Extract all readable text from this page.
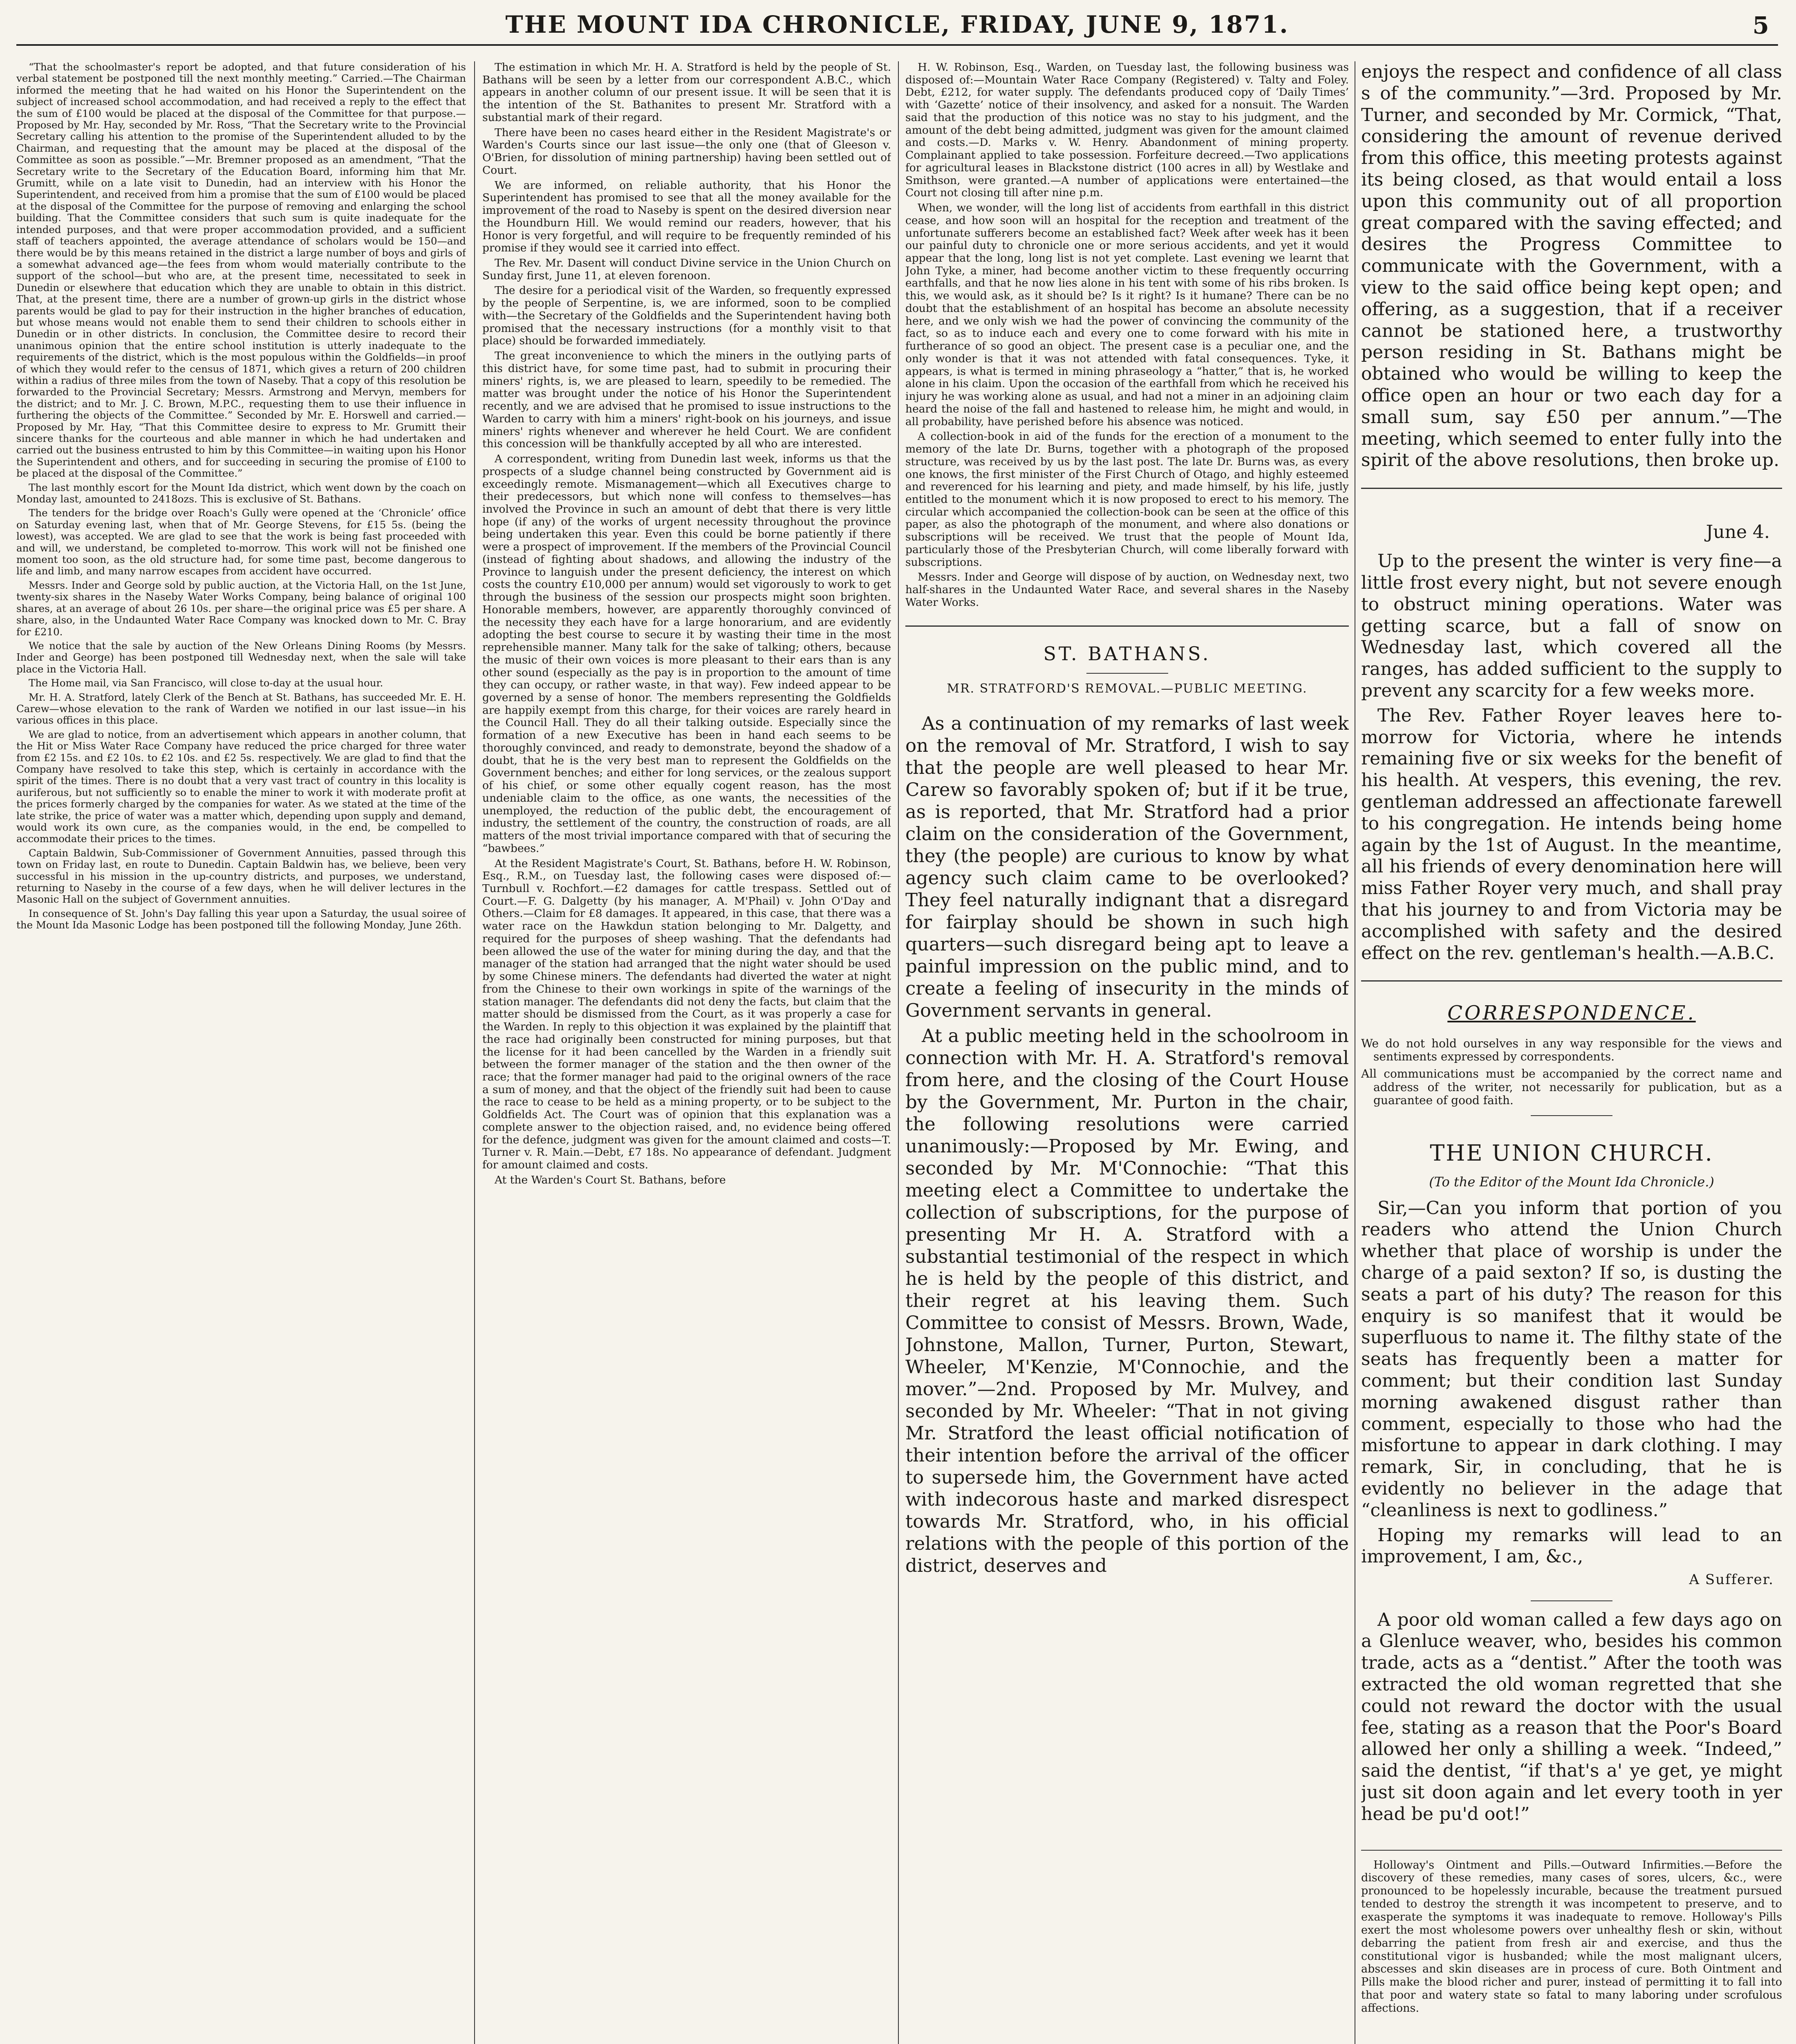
THE MOUNT IDA CHRONICLE, FRIDAY, JUNE 9, 1871.	5

“That the schoolmaster's report be adopted, and that future consideration of his verbal statement be postponed till the next monthly meeting.” Carried.—The Chairman informed the meeting that he had waited on his Honor the Superintendent on the subject of increased school accommodation, and had received a reply to the effect that the sum of £100 would be placed at the disposal of the Committee for that purpose.—Proposed by Mr. Hay, seconded by Mr. Ross, “That the Secretary write to the Provincial Secretary calling his attention to the promise of the Superintendent alluded to by the Chairman, and requesting that the amount may be placed at the disposal of the Committee as soon as possible.”—Mr. Bremner proposed as an amendment, “That the Secretary write to the Secretary of the Education Board, informing him that Mr. Grumitt, while on a late visit to Dunedin, had an interview with his Honor the Superintendent, and received from him a promise that the sum of £100 would be placed at the disposal of the Committee for the purpose of removing and enlarging the school building. That the Committee considers that such sum is quite inadequate for the intended purposes, and that were proper accommodation provided, and a sufficient staff of teachers appointed, the average attendance of scholars would be 150—and there would be by this means retained in the district a large number of boys and girls of a somewhat advanced age—the fees from whom would materially contribute to the support of the school—but who are, at the present time, necessitated to seek in Dunedin or elsewhere that education which they are unable to obtain in this district. That, at the present time, there are a number of grown-up girls in the district whose parents would be glad to pay for their instruction in the higher branches of education, but whose means would not enable them to send their children to schools either in Dunedin or in other districts. In conclusion, the Committee desire to record their unanimous opinion that the entire school institution is utterly inadequate to the requirements of the district, which is the most populous within the Goldfields—in proof of which they would refer to the census of 1871, which gives a return of 200 children within a radius of three miles from the town of Naseby. That a copy of this resolution be forwarded to the Provincial Secretary; Messrs. Armstrong and Mervyn, members for the district; and to Mr. J. C. Brown, M.P.C., requesting them to use their influence in furthering the objects of the Committee.” Seconded by Mr. E. Horswell and carried.—Proposed by Mr. Hay, “That this Committee desire to express to Mr. Grumitt their sincere thanks for the courteous and able manner in which he had undertaken and carried out the business entrusted to him by this Committee—in waiting upon his Honor the Superintendent and others, and for succeeding in securing the promise of £100 to be placed at the disposal of the Committee.”

The last monthly escort for the Mount Ida district, which went down by the coach on Monday last, amounted to 2418ozs. This is exclusive of St. Bathans.

The tenders for the bridge over Roach's Gully were opened at the ‘Chronicle’ office on Saturday evening last, when that of Mr. George Stevens, for £15 5s. (being the lowest), was accepted. We are glad to see that the work is being fast proceeded with and will, we understand, be completed to-morrow. This work will not be finished one moment too soon, as the old structure had, for some time past, become dangerous to life and limb, and many narrow escapes from accident have occurred.

Messrs. Inder and George sold by public auction, at the Victoria Hall, on the 1st June, twenty-six shares in the Naseby Water Works Company, being balance of original 100 shares, at an average of about 26 10s. per share—the original price was £5 per share. A share, also, in the Undaunted Water Race Company was knocked down to Mr. C. Bray for £210.

We notice that the sale by auction of the New Orleans Dining Rooms (by Messrs. Inder and George) has been postponed till Wednesday next, when the sale will take place in the Victoria Hall.

The Home mail, via San Francisco, will close to-day at the usual hour.

Mr. H. A. Stratford, lately Clerk of the Bench at St. Bathans, has succeeded Mr. E. H. Carew—whose elevation to the rank of Warden we notified in our last issue—in his various offices in this place.

We are glad to notice, from an advertisement which appears in another column, that the Hit or Miss Water Race Company have reduced the price charged for three water from £2 15s. and £2 10s. to £2 10s. and £2 5s. respectively. We are glad to find that the Company have resolved to take this step, which is certainly in accordance with the spirit of the times. There is no doubt that a very vast tract of country in this locality is auriferous, but not sufficiently so to enable the miner to work it with moderate profit at the prices formerly charged by the companies for water. As we stated at the time of the late strike, the price of water was a matter which, depending upon supply and demand, would work its own cure, as the companies would, in the end, be compelled to accommodate their prices to the times.

Captain Baldwin, Sub-Commissioner of Government Annuities, passed through this town on Friday last, en route to Dunedin. Captain Baldwin has, we believe, been very successful in his mission in the up-country districts, and purposes, we understand, returning to Naseby in the course of a few days, when he will deliver lectures in the Masonic Hall on the subject of Government annuities.

In consequence of St. John's Day falling this year upon a Saturday, the usual soiree of the Mount Ida Masonic Lodge has been postponed till the following Monday, June 26th.

The estimation in which Mr. H. A. Stratford is held by the people of St. Bathans will be seen by a letter from our correspondent A.B.C., which appears in another column of our present issue. It will be seen that it is the intention of the St. Bathanites to present Mr. Stratford with a substantial mark of their regard.

There have been no cases heard either in the Resident Magistrate's or Warden's Courts since our last issue—the only one (that of Gleeson v. O'Brien, for dissolution of mining partnership) having been settled out of Court.

We are informed, on reliable authority, that his Honor the Superintendent has promised to see that all the money available for the improvement of the road to Naseby is spent on the desired diversion near the Houndburn Hill. We would remind our readers, however, that his Honor is very forgetful, and will require to be frequently reminded of his promise if they would see it carried into effect.

The Rev. Mr. Dasent will conduct Divine service in the Union Church on Sunday first, June 11, at eleven forenoon.

The desire for a periodical visit of the Warden, so frequently expressed by the people of Serpentine, is, we are informed, soon to be complied with—the Secretary of the Goldfields and the Superintendent having both promised that the necessary instructions (for a monthly visit to that place) should be forwarded immediately.

The great inconvenience to which the miners in the outlying parts of this district have, for some time past, had to submit in procuring their miners' rights, is, we are pleased to learn, speedily to be remedied. The matter was brought under the notice of his Honor the Superintendent recently, and we are advised that he promised to issue instructions to the Warden to carry with him a miners' right-book on his journeys, and issue miners' rights whenever and wherever he held Court. We are confident this concession will be thankfully accepted by all who are interested.

A correspondent, writing from Dunedin last week, informs us that the prospects of a sludge channel being constructed by Government aid is exceedingly remote. Mismanagement—which all Executives charge to their predecessors, but which none will confess to themselves—has involved the Province in such an amount of debt that there is very little hope (if any) of the works of urgent necessity throughout the province being undertaken this year. Even this could be borne patiently if there were a prospect of improvement. If the members of the Provincial Council (instead of fighting about shadows, and allowing the industry of the Province to languish under the present deficiency, the interest on which costs the country £10,000 per annum) would set vigorously to work to get through the business of the session our prospects might soon brighten. Honorable members, however, are apparently thoroughly convinced of the necessity they each have for a large honorarium, and are evidently adopting the best course to secure it by wasting their time in the most reprehensible manner. Many talk for the sake of talking; others, because the music of their own voices is more pleasant to their ears than is any other sound (especially as the pay is in proportion to the amount of time they can occupy, or rather waste, in that way). Few indeed appear to be governed by a sense of honor. The members representing the Goldfields are happily exempt from this charge, for their voices are rarely heard in the Council Hall. They do all their talking outside. Especially since the formation of a new Executive has been in hand each seems to be thoroughly convinced, and ready to demonstrate, beyond the shadow of a doubt, that he is the very best man to represent the Goldfields on the Government benches; and either for long services, or the zealous support of his chief, or some other equally cogent reason, has the most undeniable claim to the office, as one wants, the necessities of the unemployed, the reduction of the public debt, the encouragement of industry, the settlement of the country, the construction of roads, are all matters of the most trivial importance compared with that of securing the “bawbees.”

At the Resident Magistrate's Court, St. Bathans, before H. W. Robinson, Esq., R.M., on Tuesday last, the following cases were disposed of:—Turnbull v. Rochfort.—£2 damages for cattle trespass. Settled out of Court.—F. G. Dalgetty (by his manager, A. M'Phail) v. John O'Day and Others.—Claim for £8 damages. It appeared, in this case, that there was a water race on the Hawkdun station belonging to Mr. Dalgetty, and required for the purposes of sheep washing. That the defendants had been allowed the use of the water for mining during the day, and that the manager of the station had arranged that the night water should be used by some Chinese miners. The defendants had diverted the water at night from the Chinese to their own workings in spite of the warnings of the station manager. The defendants did not deny the facts, but claim that the matter should be dismissed from the Court, as it was properly a case for the Warden. In reply to this objection it was explained by the plaintiff that the race had originally been constructed for mining purposes, but that the license for it had been cancelled by the Warden in a friendly suit between the former manager of the station and the then owner of the race; that the former manager had paid to the original owners of the race a sum of money, and that the object of the friendly suit had been to cause the race to cease to be held as a mining property, or to be subject to the Goldfields Act. The Court was of opinion that this explanation was a complete answer to the objection raised, and, no evidence being offered for the defence, judgment was given for the amount claimed and costs—T. Turner v. R. Main.—Debt, £7 18s. No appearance of defendant. Judgment for amount claimed and costs.

At the Warden's Court St. Bathans, before

H. W. Robinson, Esq., Warden, on Tuesday last, the following business was disposed of:—Mountain Water Race Company (Registered) v. Talty and Foley. Debt, £212, for water supply. The defendants produced copy of ‘Daily Times’ with ‘Gazette’ notice of their insolvency, and asked for a nonsuit. The Warden said that the production of this notice was no stay to his judgment, and the amount of the debt being admitted, judgment was given for the amount claimed and costs.—D. Marks v. W. Henry. Abandonment of mining property. Complainant applied to take possession. Forfeiture decreed.—Two applications for agricultural leases in Blackstone district (100 acres in all) by Westlake and Smithson, were granted.—A number of applications were entertained—the Court not closing till after nine p.m.

When, we wonder, will the long list of accidents from earthfall in this district cease, and how soon will an hospital for the reception and treatment of the unfortunate sufferers become an established fact? Week after week has it been our painful duty to chronicle one or more serious accidents, and yet it would appear that the long, long list is not yet complete. Last evening we learnt that John Tyke, a miner, had become another victim to these frequently occurring earthfalls, and that he now lies alone in his tent with some of his ribs broken. Is this, we would ask, as it should be? Is it right? Is it humane? There can be no doubt that the establishment of an hospital has become an absolute necessity here, and we only wish we had the power of convincing the community of the fact, so as to induce each and every one to come forward with his mite in furtherance of so good an object. The present case is a peculiar one, and the only wonder is that it was not attended with fatal consequences. Tyke, it appears, is what is termed in mining phraseology a “hatter,” that is, he worked alone in his claim. Upon the occasion of the earthfall from which he received his injury he was working alone as usual, and had not a miner in an adjoining claim heard the noise of the fall and hastened to release him, he might and would, in all probability, have perished before his absence was noticed.

A collection-book in aid of the funds for the erection of a monument to the memory of the late Dr. Burns, together with a photograph of the proposed structure, was received by us by the last post. The late Dr. Burns was, as every one knows, the first minister of the First Church of Otago, and highly esteemed and reverenced for his learning and piety, and made himself, by his life, justly entitled to the monument which it is now proposed to erect to his memory. The circular which accompanied the collection-book can be seen at the office of this paper, as also the photograph of the monument, and where also donations or subscriptions will be received. We trust that the people of Mount Ida, particularly those of the Presbyterian Church, will come liberally forward with subscriptions.

Messrs. Inder and George will dispose of by auction, on Wednesday next, two half-shares in the Undaunted Water Race, and several shares in the Naseby Water Works.

ST. BATHANS.
MR. STRATFORD'S REMOVAL.—PUBLIC MEETING.

As a continuation of my remarks of last week on the removal of Mr. Stratford, I wish to say that the people are well pleased to hear Mr. Carew so favorably spoken of; but if it be true, as is reported, that Mr. Stratford had a prior claim on the consideration of the Government, they (the people) are curious to know by what agency such claim came to be overlooked? They feel naturally indignant that a disregard for fairplay should be shown in such high quarters—such disregard being apt to leave a painful impression on the public mind, and to create a feeling of insecurity in the minds of Government servants in general.

At a public meeting held in the schoolroom in connection with Mr. H. A. Stratford's removal from here, and the closing of the Court House by the Government, Mr. Purton in the chair, the following resolutions were carried unanimously:—Proposed by Mr. Ewing, and seconded by Mr. M'Connochie: “That this meeting elect a Committee to undertake the collection of subscriptions, for the purpose of presenting Mr H. A. Stratford with a substantial testimonial of the respect in which he is held by the people of this district, and their regret at his leaving them. Such Committee to consist of Messrs. Brown, Wade, Johnstone, Mallon, Turner, Purton, Stewart, Wheeler, M'Kenzie, M'Connochie, and the mover.”—2nd. Proposed by Mr. Mulvey, and seconded by Mr. Wheeler: “That in not giving Mr. Stratford the least official notification of their intention before the arrival of the officer to supersede him, the Government have acted with indecorous haste and marked disrespect towards Mr. Stratford, who, in his official relations with the people of this portion of the district, deserves and

enjoys the respect and confidence of all class s of the community.”—3rd. Proposed by Mr. Turner, and seconded by Mr. Cormick, “That, considering the amount of revenue derived from this office, this meeting protests against its being closed, as that would entail a loss upon this community out of all proportion great compared with the saving effected; and desires the Progress Committee to communicate with the Government, with a view to the said office being kept open; and offering, as a suggestion, that if a receiver cannot be stationed here, a trustworthy person residing in St. Bathans might be obtained who would be willing to keep the office open an hour or two each day for a small sum, say £50 per annum.”—The meeting, which seemed to enter fully into the spirit of the above resolutions, then broke up.

June 4.

Up to the present the winter is very fine—a little frost every night, but not severe enough to obstruct mining operations. Water was getting scarce, but a fall of snow on Wednesday last, which covered all the ranges, has added sufficient to the supply to prevent any scarcity for a few weeks more.

The Rev. Father Royer leaves here to-morrow for Victoria, where he intends remaining five or six weeks for the benefit of his health. At vespers, this evening, the rev. gentleman addressed an affectionate farewell to his congregation. He intends being home again by the 1st of August. In the meantime, all his friends of every denomination here will miss Father Royer very much, and shall pray that his journey to and from Victoria may be accomplished with safety and the desired effect on the rev. gentleman's health.—A.B.C.

CORRESPONDENCE.

We do not hold ourselves in any way responsible for the views and sentiments expressed by correspondents.

All communications must be accompanied by the correct name and address of the writer, not necessarily for publication, but as a guarantee of good faith.

THE UNION CHURCH.
(To the Editor of the Mount Ida Chronicle.)

Sir,—Can you inform that portion of you readers who attend the Union Church whether that place of worship is under the charge of a paid sexton? If so, is dusting the seats a part of his duty? The reason for this enquiry is so manifest that it would be superfluous to name it. The filthy state of the seats has frequently been a matter for comment; but their condition last Sunday morning awakened disgust rather than comment, especially to those who had the misfortune to appear in dark clothing. I may remark, Sir, in concluding, that he is evidently no believer in the adage that “cleanliness is next to godliness.”

Hoping my remarks will lead to an improvement, I am, &c.,

A Sufferer.

A poor old woman called a few days ago on a Glenluce weaver, who, besides his common trade, acts as a “dentist.” After the tooth was extracted the old woman regretted that she could not reward the doctor with the usual fee, stating as a reason that the Poor's Board allowed her only a shilling a week. “Indeed,” said the dentist, “if that's a' ye get, ye might just sit doon again and let every tooth in yer head be pu'd oot!”

Holloway's Ointment and Pills.—Outward Infirmities.—Before the discovery of these remedies, many cases of sores, ulcers, &c., were pronounced to be hopelessly incurable, because the treatment pursued tended to destroy the strength it was incompetent to preserve, and to exasperate the symptoms it was inadequate to remove. Holloway's Pills exert the most wholesome powers over unhealthy flesh or skin, without debarring the patient from fresh air and exercise, and thus the constitutional vigor is husbanded; while the most malignant ulcers, abscesses and skin diseases are in process of cure. Both Ointment and Pills make the blood richer and purer, instead of permitting it to fall into that poor and watery state so fatal to many laboring under scrofulous affections.
